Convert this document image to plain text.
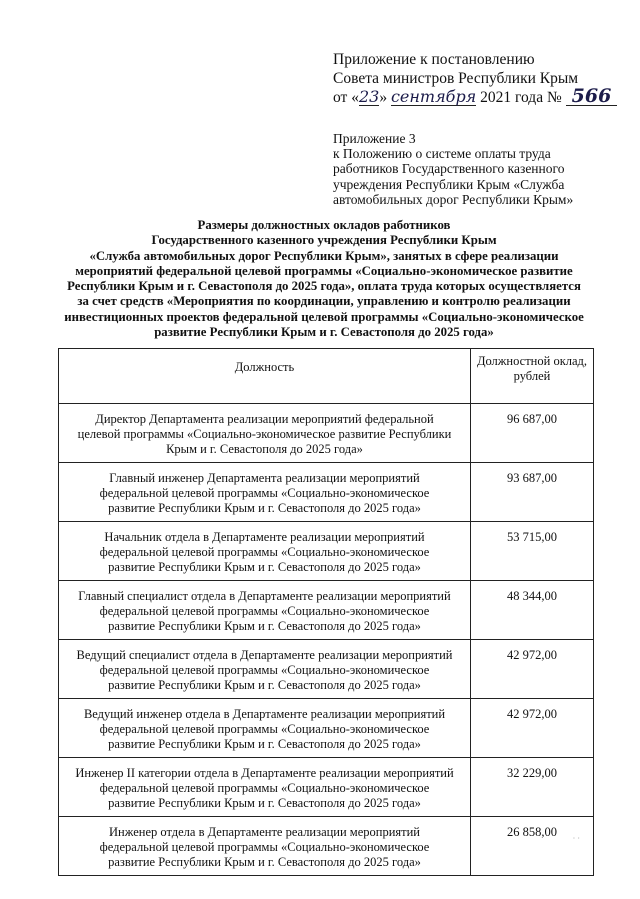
Приложение к постановлению
Совета министров Республики Крым
от «23» сентября 2021 года № 566
Приложение 3
к Положению о системе оплаты труда
работников Государственного казенного
учреждения Республики Крым «Служба
автомобильных дорог Республики Крым»
Размеры должностных окладов работников
Государственного казенного учреждения Республики Крым
«Служба автомобильных дорог Республики Крым», занятых в сфере реализации
мероприятий федеральной целевой программы «Социально-экономическое развитие
Республики Крым и г. Севастополя до 2025 года», оплата труда которых осуществляется
за счет средств «Мероприятия по координации, управлению и контролю реализации
инвестиционных проектов федеральной целевой программы «Социально-экономическое
развитие Республики Крым и г. Севастополя до 2025 года»
Должность	Должностной оклад,
рублей

Директор Департамента реализации мероприятий федеральной
целевой программы «Социально-экономическое развитие Республики
Крым и г. Севастополя до 2025 года»	96 687,00

Главный инженер Департамента реализации мероприятий
федеральной целевой программы «Социально-экономическое
развитие Республики Крым и г. Севастополя до 2025 года»	93 687,00

Начальник отдела в Департаменте реализации мероприятий
федеральной целевой программы «Социально-экономическое
развитие Республики Крым и г. Севастополя до 2025 года»	53 715,00

Главный специалист отдела в Департаменте реализации мероприятий
федеральной целевой программы «Социально-экономическое
развитие Республики Крым и г. Севастополя до 2025 года»	48 344,00

Ведущий специалист отдела в Департаменте реализации мероприятий
федеральной целевой программы «Социально-экономическое
развитие Республики Крым и г. Севастополя до 2025 года»	42 972,00

Ведущий инженер отдела в Департаменте реализации мероприятий
федеральной целевой программы «Социально-экономическое
развитие Республики Крым и г. Севастополя до 2025 года»	42 972,00

Инженер II категории отдела в Департаменте реализации мероприятий
федеральной целевой программы «Социально-экономическое
развитие Республики Крым и г. Севастополя до 2025 года»	32 229,00

Инженер отдела в Департаменте реализации мероприятий
федеральной целевой программы «Социально-экономическое
развитие Республики Крым и г. Севастополя до 2025 года»	26 858,00 · ·
